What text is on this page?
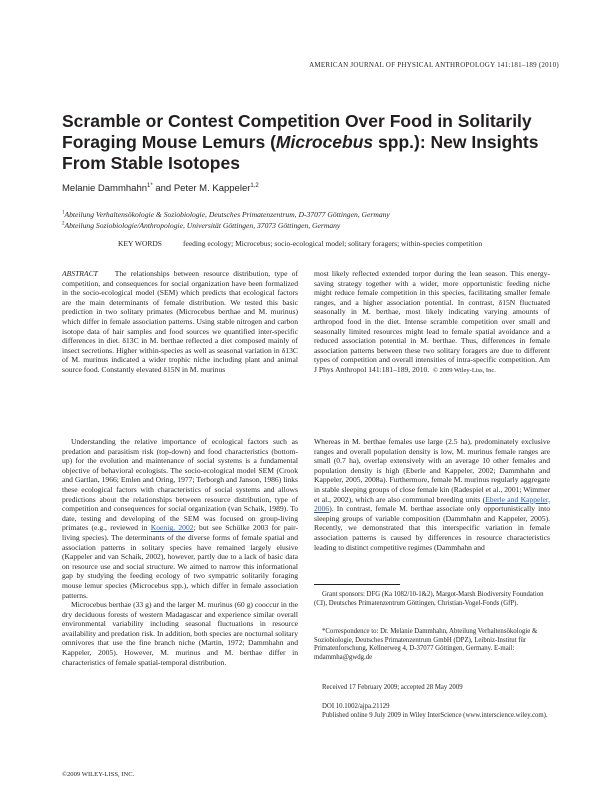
AMERICAN JOURNAL OF PHYSICAL ANTHROPOLOGY 141:181–189 (2010)
Scramble or Contest Competition Over Food in Solitarily Foraging Mouse Lemurs (Microcebus spp.): New Insights From Stable Isotopes
Melanie Dammhahn$^{1*}$ and Peter M. Kappeler$^{1,2}$
$^1$Abteilung Verhaltensökologie & Soziobiologie, Deutsches Primatenzentrum, D-37077 Göttingen, Germany
$^2$Abteilung Soziobiologie/Anthropologie, Universität Göttingen, 37073 Göttingen, Germany
KEY WORDS	feeding ecology; Microcebus; socio-ecological model; solitary foragers; within-species competition

ABSTRACT The relationships between resource distribution, type of competition, and consequences for social organization have been formalized in the socio-ecological model (SEM) which predicts that ecological factors are the main determinants of female distribution. We tested this basic prediction in two solitary primates (Microcebus berthae and M. murinus) which differ in female association patterns. Using stable nitrogen and carbon isotope data of hair samples and food sources we quantified inter-specific differences in diet. δ13C in M. berthae reflected a diet composed mainly of insect secretions. Higher within-species as well as seasonal variation in δ13C of M. murinus indicated a wider trophic niche including plant and animal source food. Constantly elevated δ15N in M. murinus

most likely reflected extended torpor during the lean season. This energy-saving strategy together with a wider, more opportunistic feeding niche might reduce female competition in this species, facilitating smaller female ranges, and a higher association potential. In contrast, δ15N fluctuated seasonally in M. berthae, most likely indicating varying amounts of arthropod food in the diet. Intense scramble competition over small and seasonally limited resources might lead to female spatial avoidance and a reduced association potential in M. berthae. Thus, differences in female association patterns between these two solitary foragers are due to different types of competition and overall intensities of intra-specific competition. Am J Phys Anthropol 141:181–189, 2010. © 2009 Wiley-Liss, Inc.

Understanding the relative importance of ecological factors such as predation and parasitism risk (top-down) and food characteristics (bottom-up) for the evolution and maintenance of social systems is a fundamental objective of behavioral ecologists. The socio-ecological model SEM (Crook and Gartlan, 1966; Emlen and Oring, 1977; Terborgh and Janson, 1986) links these ecological factors with characteristics of social systems and allows predictions about the relationships between resource distribution, type of competition and consequences for social organization (van Schaik, 1989). To date, testing and developing of the SEM was focused on group-living primates (e.g., reviewed in Koenig, 2002; but see Schülke 2003 for pair-living species). The determinants of the diverse forms of female spatial and association patterns in solitary species have remained largely elusive (Kappeler and van Schaik, 2002), however, partly due to a lack of basic data on resource use and social structure. We aimed to narrow this informational gap by studying the feeding ecology of two sympatric solitarily foraging mouse lemur species (Microcebus spp.), which differ in female association patterns.

Microcebus berthae (33 g) and the larger M. murinus (60 g) cooccur in the dry deciduous forests of western Madagascar and experience similar overall environmental variability including seasonal fluctuations in resource availability and predation risk. In addition, both species are nocturnal solitary omnivores that use the fine branch niche (Martin, 1972; Dammhahn and Kappeler, 2005). However, M. murinus and M. berthae differ in characteristics of female spatial-temporal distribution.

Whereas in M. berthae females use large (2.5 ha), predominately exclusive ranges and overall population density is low, M. murinus female ranges are small (0.7 ha), overlap extensively with an average 10 other females and population density is high (Eberle and Kappeler, 2002; Dammhahn and Kappeler, 2005, 2008a). Furthermore, female M. murinus regularly aggregate in stable sleeping groups of close female kin (Radespiel et al., 2001; Wimmer et al., 2002), which are also communal breeding units (Eberle and Kappeler, 2006). In contrast, female M. berthae associate only opportunistically into sleeping groups of variable composition (Dammhahn and Kappeler, 2005). Recently, we demonstrated that this interspecific variation in female association patterns is caused by differences in resource characteristics leading to distinct competitive regimes (Dammhahn and

Grant sponsors: DFG (Ka 1082/10-1&2), Margot-Marsh Biodiversity Foundation (CI), Deutsches Primatenzentrum Göttingen, Christian-Vogel-Fonds (GfP).

*Correspondence to: Dr. Melanie Dammhahn, Abteilung Verhaltensökologie & Soziobiologie, Deutsches Primatenzentrum GmbH (DPZ), Leibniz-Institut für Primatenforschung, Kellnerweg 4, D-37077 Göttingen, Germany. E-mail: mdammha@gwdg.de

Received 17 February 2009; accepted 28 May 2009

DOI 10.1002/ajpa.21129

Published online 9 July 2009 in Wiley InterScience (www.interscience.wiley.com).

©2009 WILEY-LISS, INC.
